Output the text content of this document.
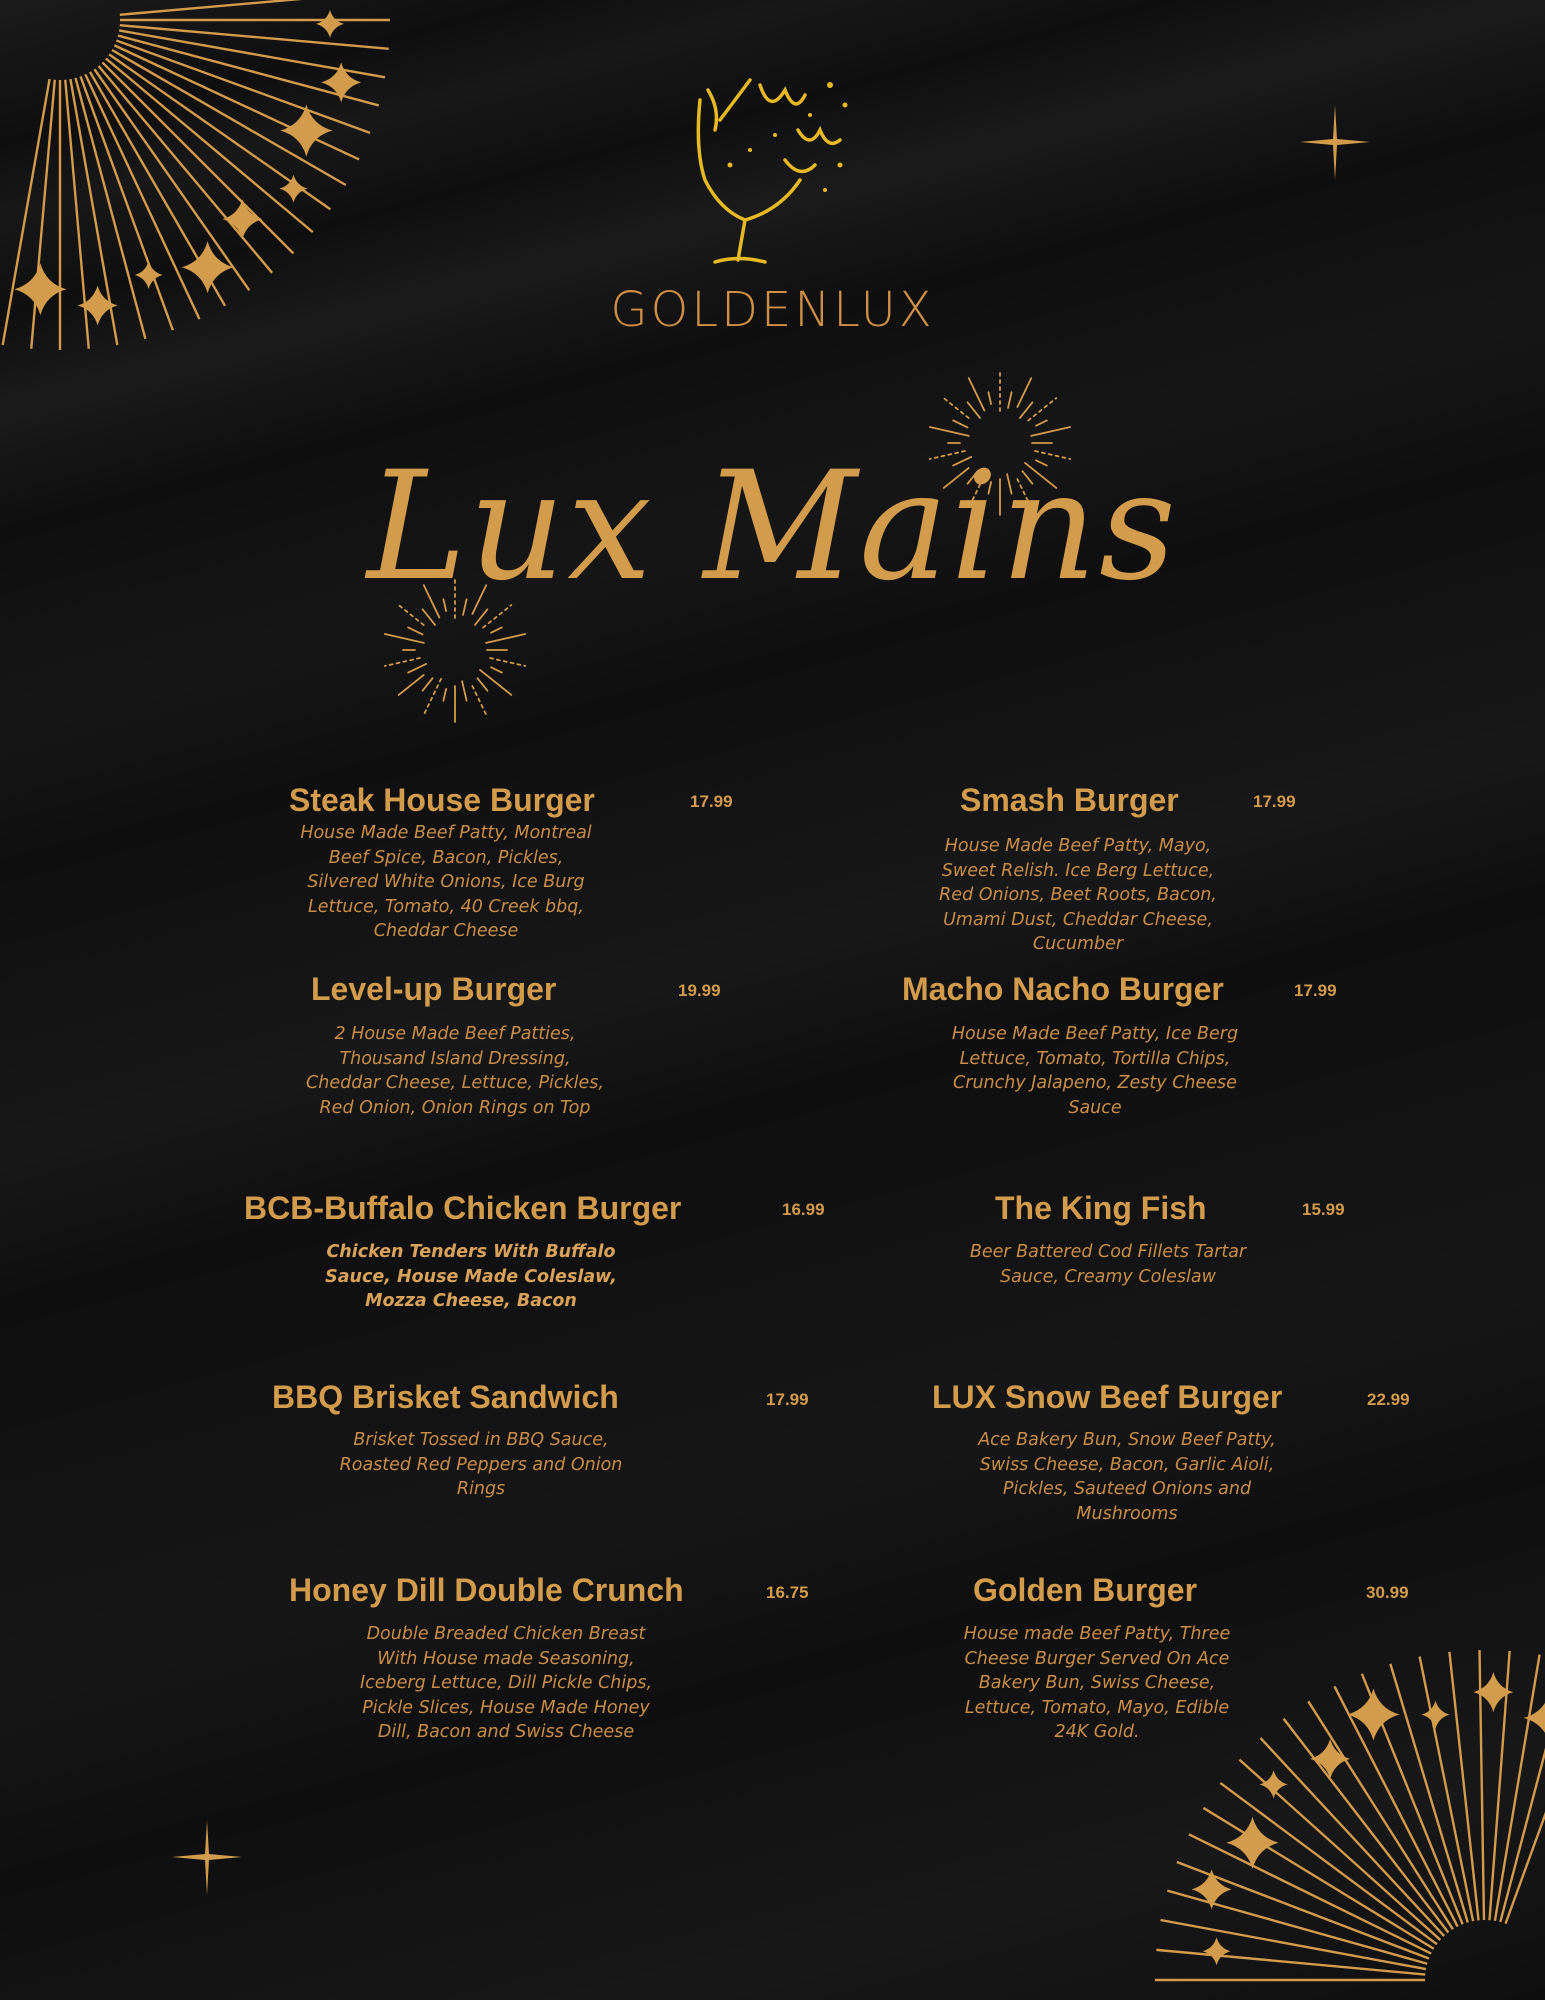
GOLDENLUX
Lux Mains
Steak House Burger	17.99
House Made Beef Patty, Montreal Beef Spice, Bacon, Pickles, Silvered White Onions, Ice Burg Lettuce, Tomato, 40 Creek bbq, Cheddar Cheese
Smash Burger	17.99
House Made Beef Patty, Mayo, Sweet Relish. Ice Berg Lettuce, Red Onions, Beet Roots, Bacon, Umami Dust, Cheddar Cheese, Cucumber
Level-up Burger	19.99
2 House Made Beef Patties, Thousand Island Dressing, Cheddar Cheese, Lettuce, Pickles, Red Onion, Onion Rings on Top
Macho Nacho Burger	17.99
House Made Beef Patty, Ice Berg Lettuce, Tomato, Tortilla Chips, Crunchy Jalapeno, Zesty Cheese Sauce
BCB-Buffalo Chicken Burger	16.99
Chicken Tenders With Buffalo Sauce, House Made Coleslaw, Mozza Cheese, Bacon
The King Fish	15.99
Beer Battered Cod Fillets Tartar Sauce, Creamy Coleslaw
BBQ Brisket Sandwich	17.99
Brisket Tossed in BBQ Sauce, Roasted Red Peppers and Onion Rings
LUX Snow Beef Burger	22.99
Ace Bakery Bun, Snow Beef Patty, Swiss Cheese, Bacon, Garlic Aioli, Pickles, Sauteed Onions and Mushrooms
Honey Dill Double Crunch	16.75
Double Breaded Chicken Breast With House made Seasoning, Iceberg Lettuce, Dill Pickle Chips, Pickle Slices, House Made Honey Dill, Bacon and Swiss Cheese
Golden Burger	30.99
House made Beef Patty, Three Cheese Burger Served On Ace Bakery Bun, Swiss Cheese, Lettuce, Tomato, Mayo, Edible 24K Gold.
